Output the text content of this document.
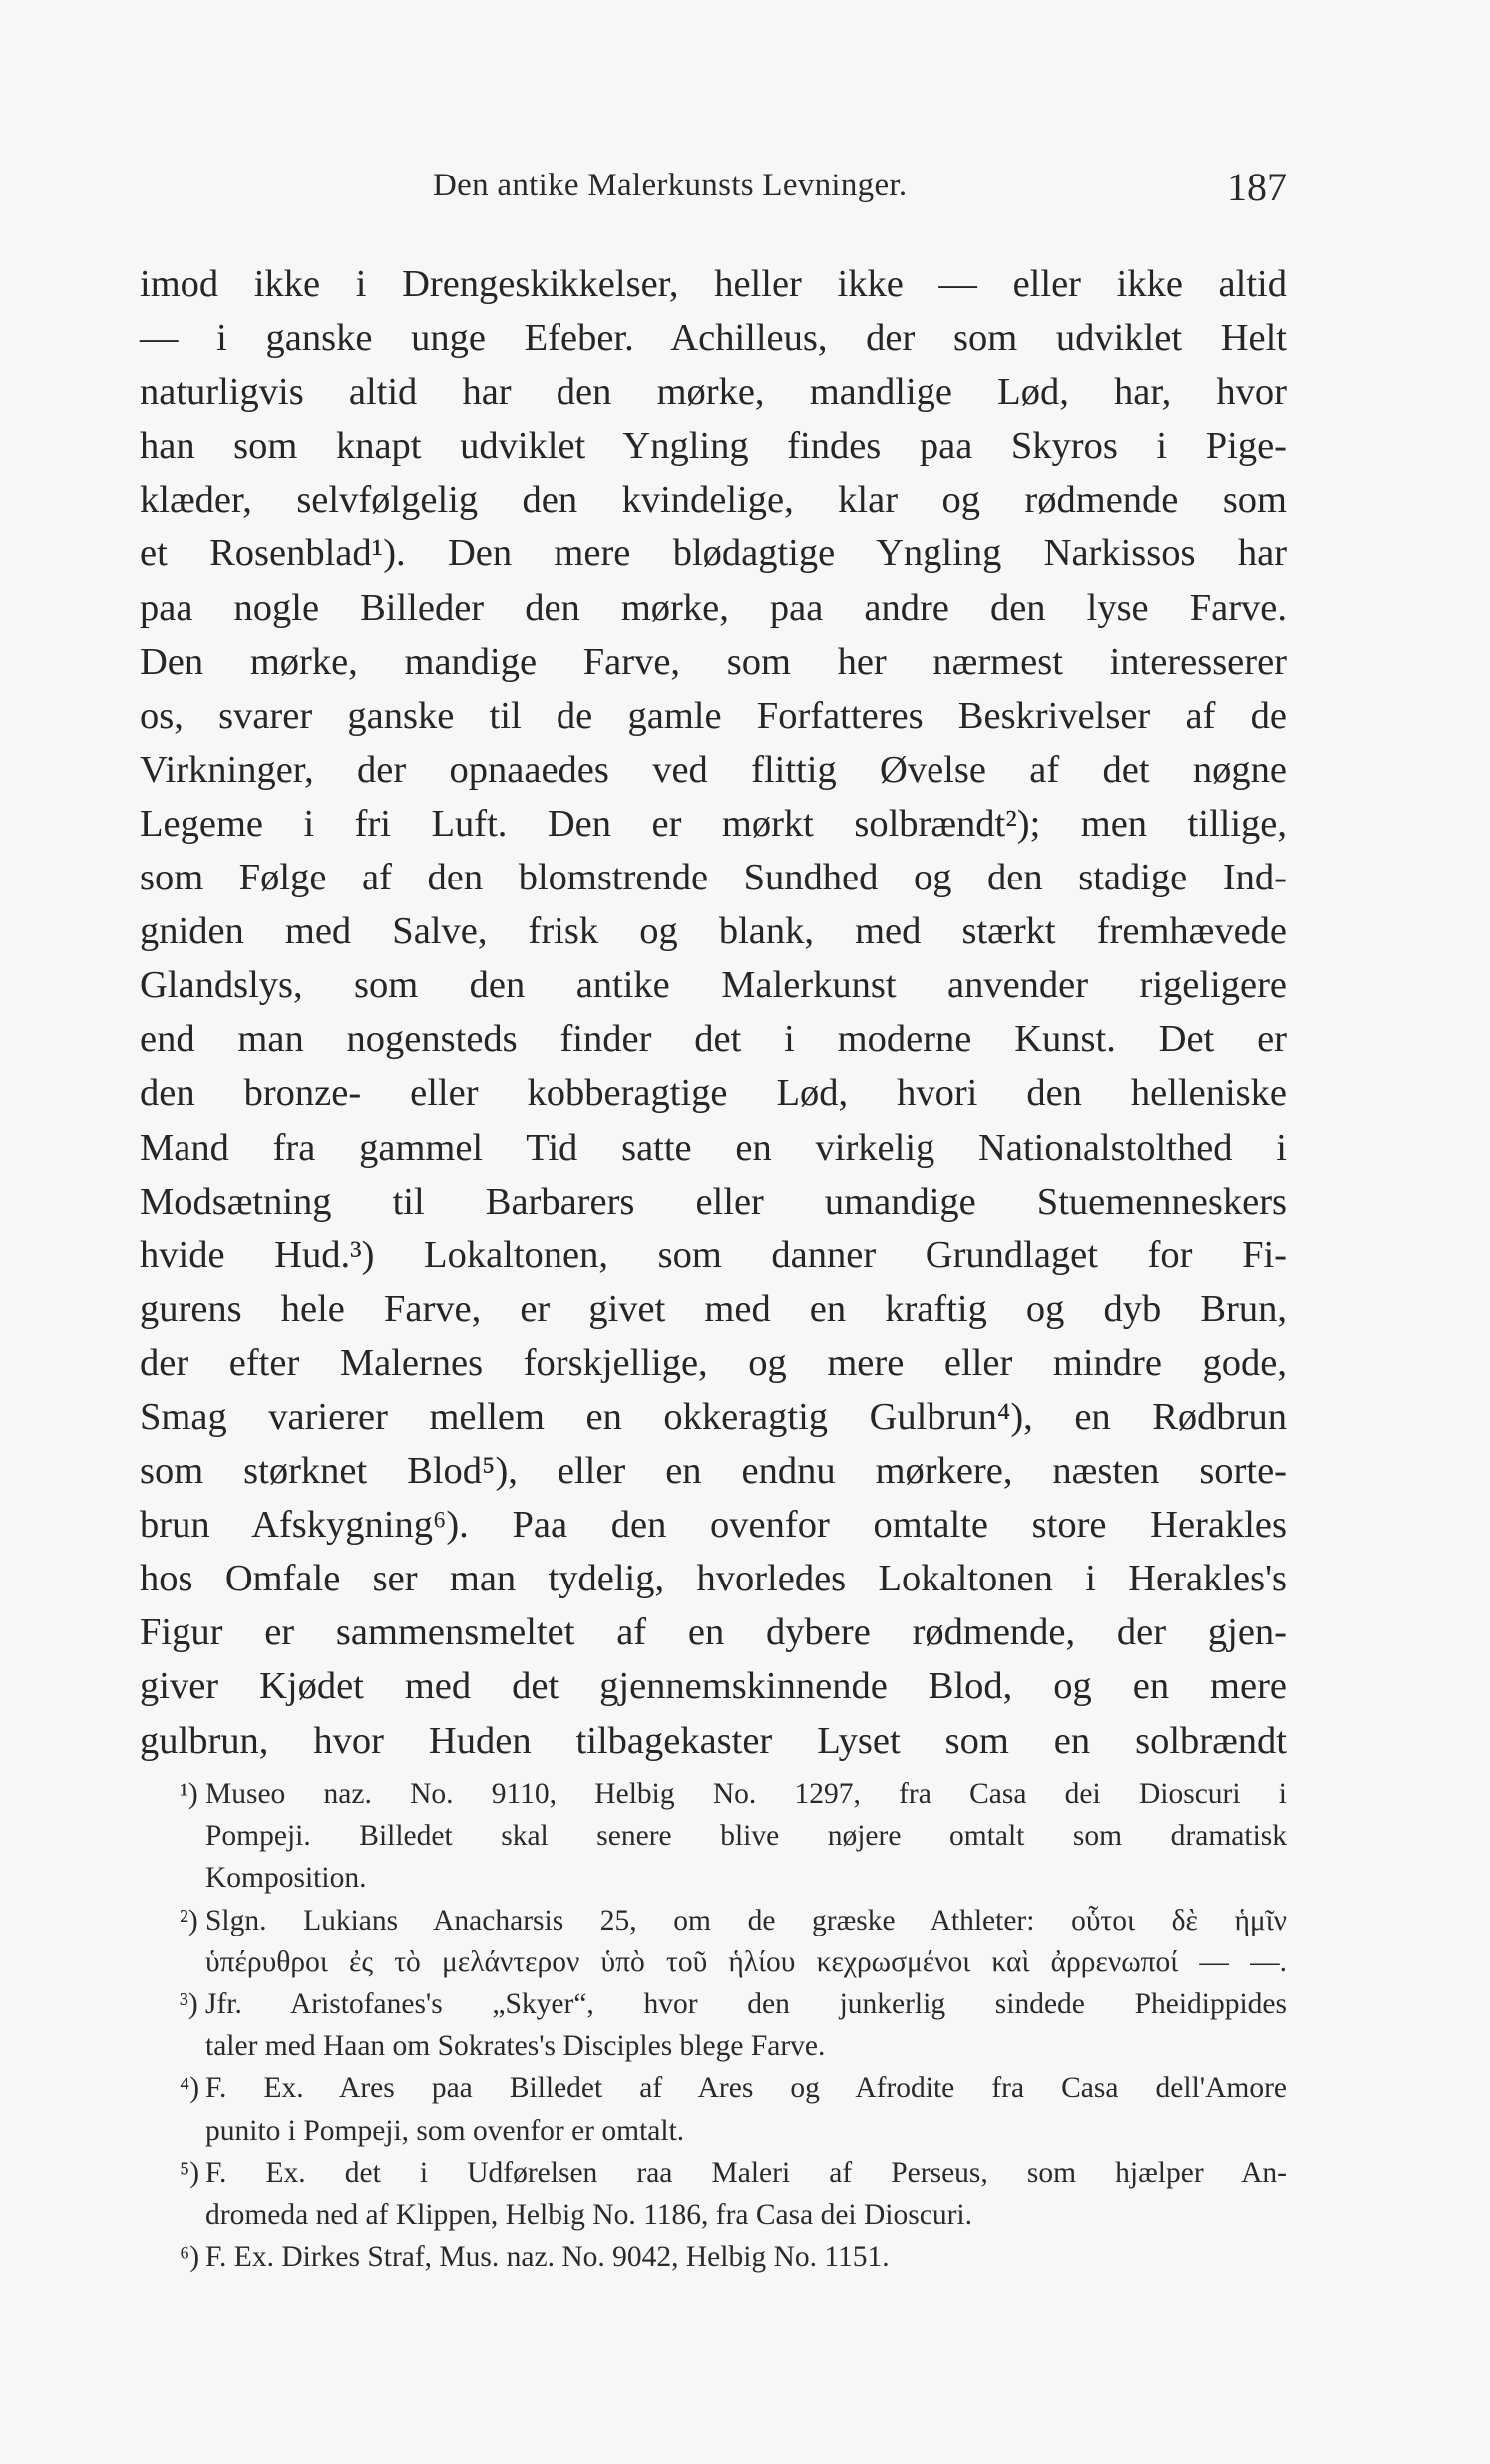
Den antike Malerkunsts Levninger.	187
imod ikke i Drengeskikkelser, heller ikke — eller ikke altid
— i ganske unge Efeber. Achilleus, der som udviklet Helt
naturligvis altid har den mørke, mandlige Lød, har, hvor
han som knapt udviklet Yngling findes paa Skyros i Pige-
klæder, selvfølgelig den kvindelige, klar og rødmende som
et Rosenblad¹). Den mere blødagtige Yngling Narkissos har
paa nogle Billeder den mørke, paa andre den lyse Farve.
Den mørke, mandige Farve, som her nærmest interesserer
os, svarer ganske til de gamle Forfatteres Beskrivelser af de
Virkninger, der opnaaedes ved flittig Øvelse af det nøgne
Legeme i fri Luft. Den er mørkt solbrændt²); men tillige,
som Følge af den blomstrende Sundhed og den stadige Ind-
gniden med Salve, frisk og blank, med stærkt fremhævede
Glandslys, som den antike Malerkunst anvender rigeligere
end man nogensteds finder det i moderne Kunst. Det er
den bronze- eller kobberagtige Lød, hvori den helleniske
Mand fra gammel Tid satte en virkelig Nationalstolthed i
Modsætning til Barbarers eller umandige Stuemenneskers
hvide Hud.³) Lokaltonen, som danner Grundlaget for Fi-
gurens hele Farve, er givet med en kraftig og dyb Brun,
der efter Malernes forskjellige, og mere eller mindre gode,
Smag varierer mellem en okkeragtig Gulbrun⁴), en Rødbrun
som størknet Blod⁵), eller en endnu mørkere, næsten sorte-
brun Afskygning⁶). Paa den ovenfor omtalte store Herakles
hos Omfale ser man tydelig, hvorledes Lokaltonen i Herakles's
Figur er sammensmeltet af en dybere rødmende, der gjen-
giver Kjødet med det gjennemskinnende Blod, og en mere
gulbrun, hvor Huden tilbagekaster Lyset som en solbrændt
¹) Museo naz. No. 9110, Helbig No. 1297, fra Casa dei Dioscuri i
Pompeji. Billedet skal senere blive nøjere omtalt som dramatisk
Komposition.
²) Slgn. Lukians Anacharsis 25, om de græske Athleter: οὗτοι δὲ ἡμῖν
ὑπέρυθροι ἐς τὸ μελάντερον ὑπὸ τοῦ ἡλίου κεχρωσμένοι καὶ ἀρρενωποί — —.
³) Jfr. Aristofanes's „Skyer“, hvor den junkerlig sindede Pheidippides
taler med Haan om Sokrates's Disciples blege Farve.
⁴) F. Ex. Ares paa Billedet af Ares og Afrodite fra Casa dell'Amore
punito i Pompeji, som ovenfor er omtalt.
⁵) F. Ex. det i Udførelsen raa Maleri af Perseus, som hjælper An-
dromeda ned af Klippen, Helbig No. 1186, fra Casa dei Dioscuri.
⁶) F. Ex. Dirkes Straf, Mus. naz. No. 9042, Helbig No. 1151.
